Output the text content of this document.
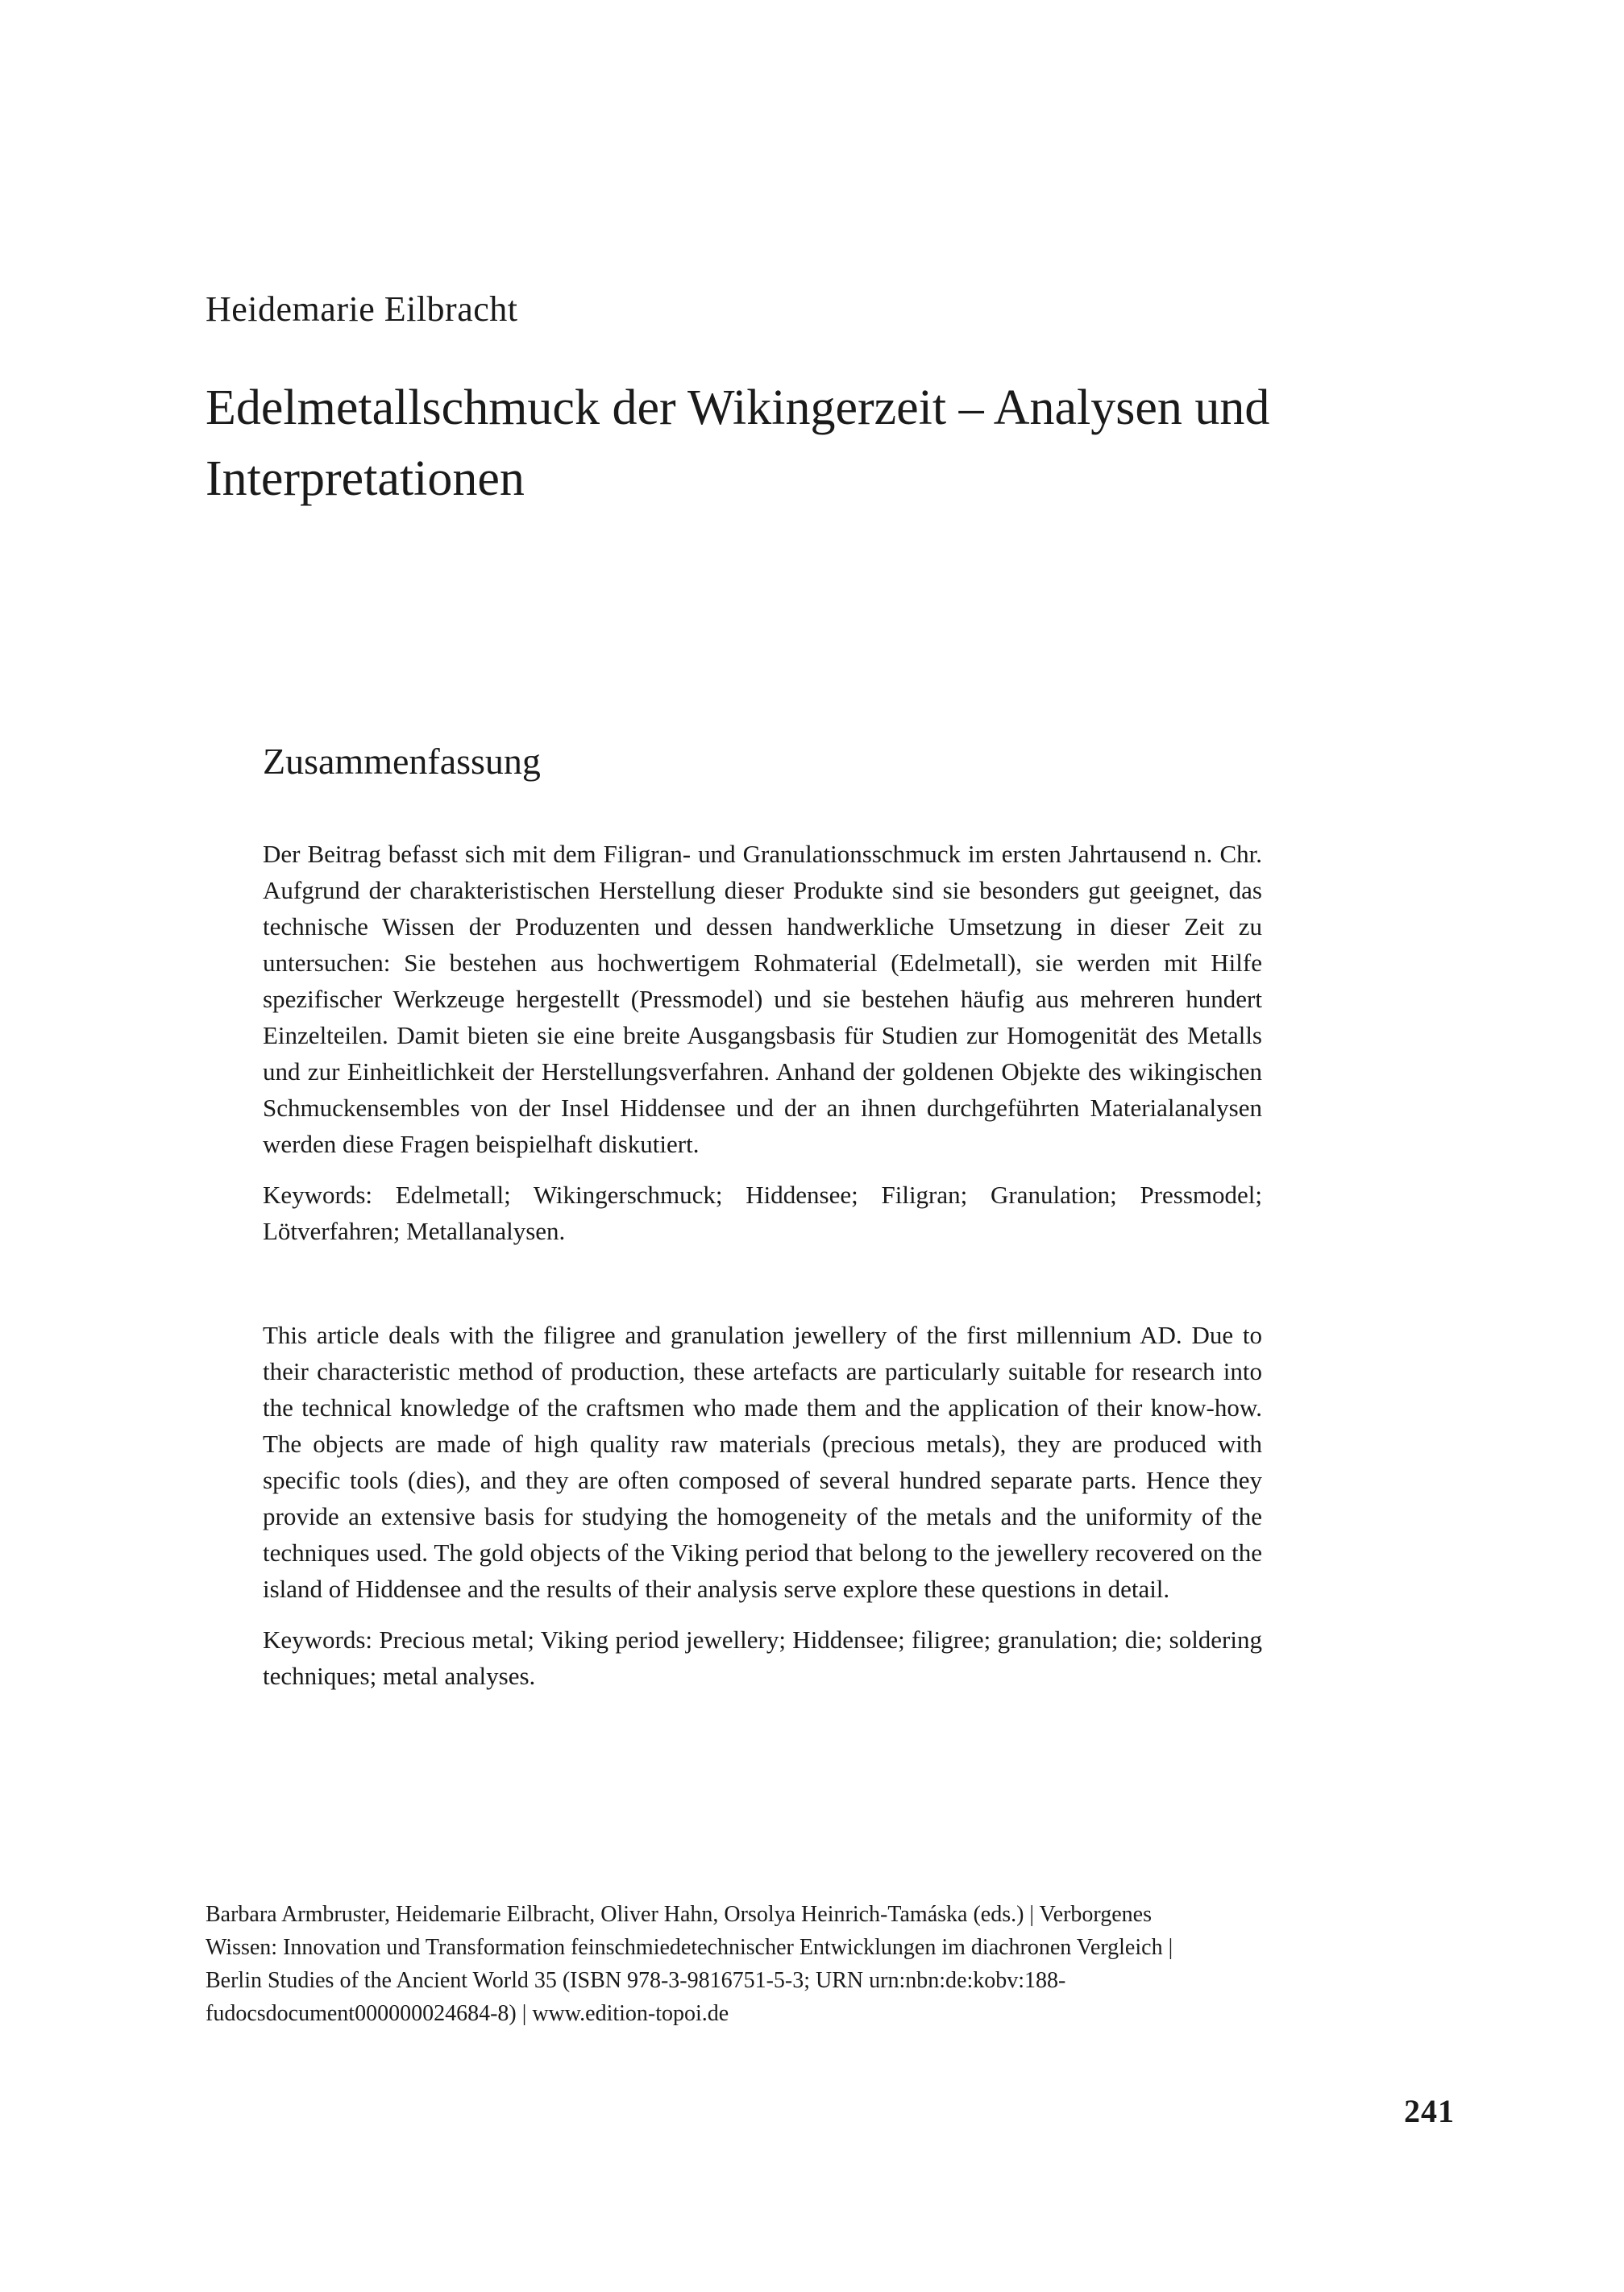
Heidemarie Eilbracht

Edelmetallschmuck der Wikingerzeit – Analysen und Interpretationen
Zusammenfassung

Der Beitrag befasst sich mit dem Filigran- und Granulationsschmuck im ersten Jahrtausend n. Chr. Aufgrund der charakteristischen Herstellung dieser Produkte sind sie besonders gut geeignet, das technische Wissen der Produzenten und dessen handwerkliche Umsetzung in dieser Zeit zu untersuchen: Sie bestehen aus hochwertigem Rohmaterial (Edelmetall), sie werden mit Hilfe spezifischer Werkzeuge hergestellt (Pressmodel) und sie bestehen häufig aus mehreren hundert Einzelteilen. Damit bieten sie eine breite Ausgangsbasis für Studien zur Homogenität des Metalls und zur Einheitlichkeit der Herstellungsverfahren. Anhand der goldenen Objekte des wikingischen Schmuckensembles von der Insel Hiddensee und der an ihnen durchgeführten Materialanalysen werden diese Fragen beispielhaft diskutiert.

Keywords: Edelmetall; Wikingerschmuck; Hiddensee; Filigran; Granulation; Pressmodel; Lötverfahren; Metallanalysen.

This article deals with the filigree and granulation jewellery of the first millennium AD. Due to their characteristic method of production, these artefacts are particularly suitable for research into the technical knowledge of the craftsmen who made them and the application of their know-how. The objects are made of high quality raw materials (precious metals), they are produced with specific tools (dies), and they are often composed of several hundred separate parts. Hence they provide an extensive basis for studying the homogeneity of the metals and the uniformity of the techniques used. The gold objects of the Viking period that belong to the jewellery recovered on the island of Hiddensee and the results of their analysis serve explore these questions in detail.

Keywords: Precious metal; Viking period jewellery; Hiddensee; filigree; granulation; die; soldering techniques; metal analyses.

Barbara Armbruster, Heidemarie Eilbracht, Oliver Hahn, Orsolya Heinrich-Tamáska (eds.) | Verborgenes Wissen: Innovation und Transformation feinschmiedetechnischer Entwicklungen im diachronen Vergleich | Berlin Studies of the Ancient World 35 (ISBN 978-3-9816751-5-3; URN urn:nbn:de:kobv:188-fudocsdocument000000024684-8) | www.edition-topoi.de

241
